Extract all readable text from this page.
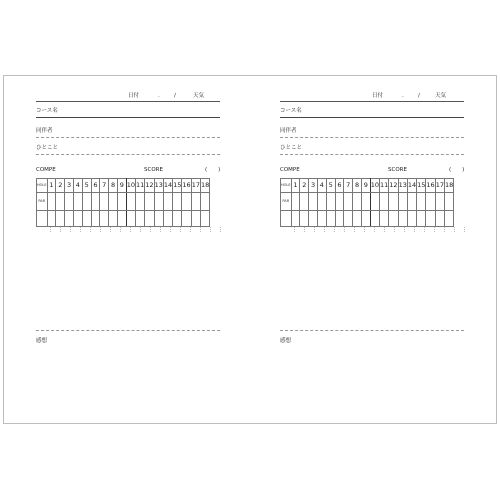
日付	.	/	天気
コース名
同伴者
ひとこと
COMPE	SCORE	(　　)
HOLE	1	2	3	4	5	6	7	8	9	10	11	12	13	14	15	16	17	18
PAR																		

感想
日付	.	/	天気
コース名
同伴者
ひとこと
COMPE	SCORE	(　　)
HOLE	1	2	3	4	5	6	7	8	9	10	11	12	13	14	15	16	17	18
PAR																		

感想
